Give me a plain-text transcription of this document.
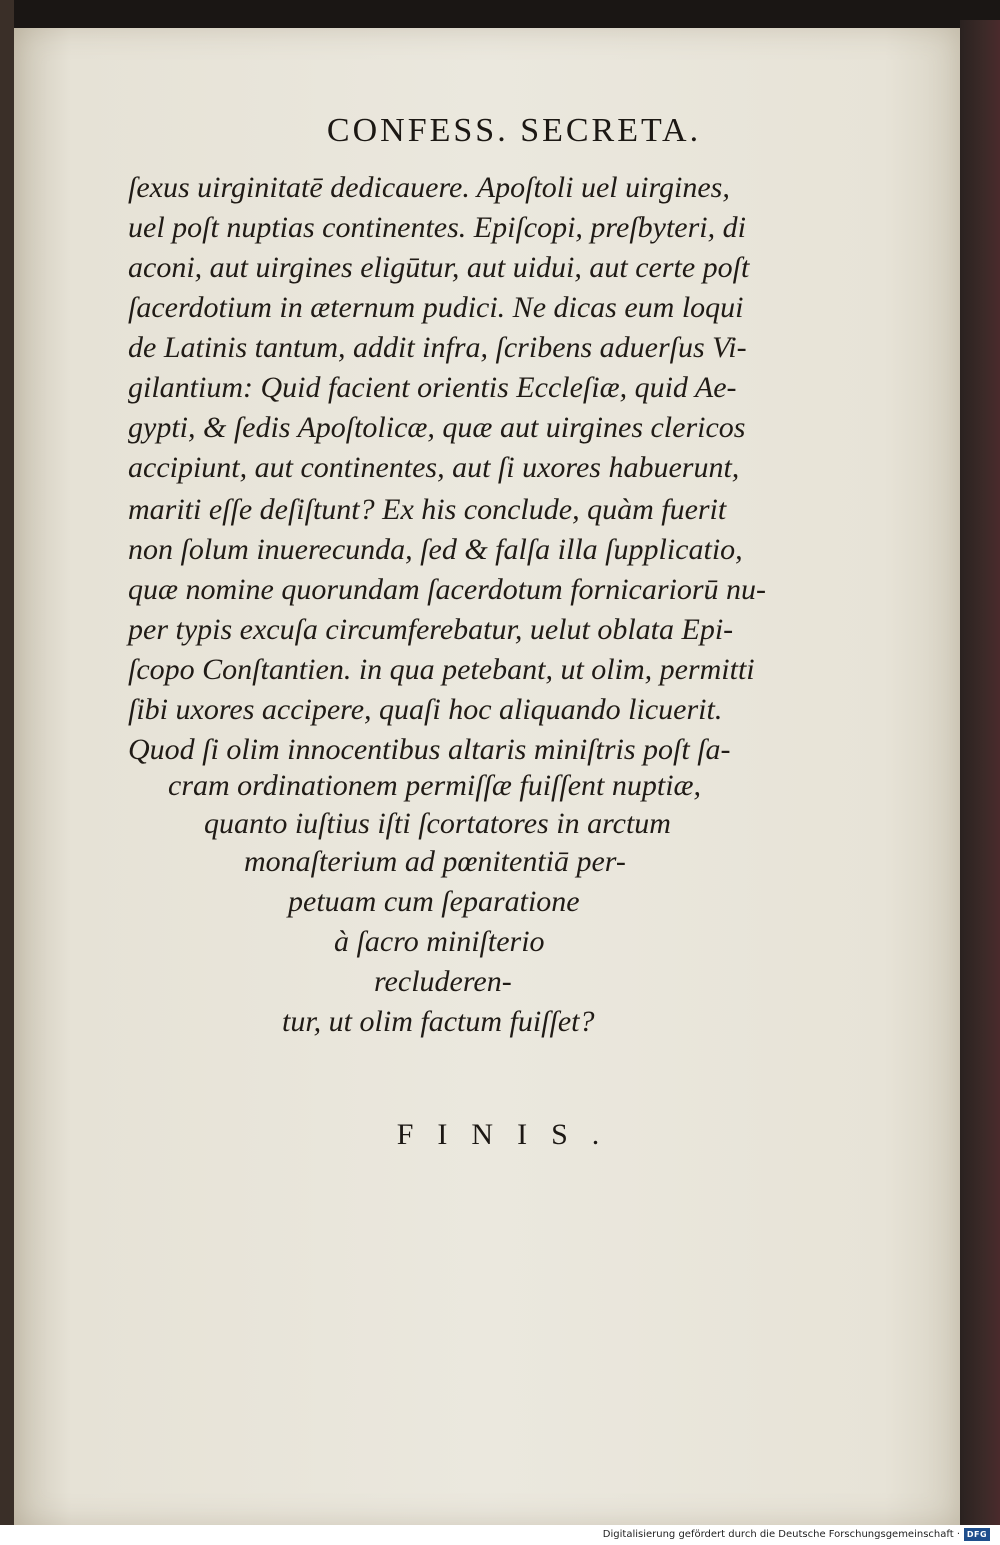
CONFESS. SECRETA.
ſexus uirginitatē dedicauere. Apoſtoli uel uirgines,
uel poſt nuptias continentes. Epiſcopi, preſbyteri, di
aconi, aut uirgines eligūtur, aut uidui, aut certe poſt
ſacerdotium in æternum pudici. Ne dicas eum loqui
de Latinis tantum, addit infra, ſcribens aduerſus Vi-
gilantium: Quid facient orientis Eccleſiæ, quid Ae-
gypti, & ſedis Apoſtolicæ, quæ aut uirgines clericos
accipiunt, aut continentes, aut ſi uxores habuerunt,
mariti eſſe deſiſtunt? Ex his conclude, quàm fuerit
non ſolum inuerecunda, ſed & falſa illa ſupplicatio,
quæ nomine quorundam ſacerdotum fornicariorū nu-
per typis excuſa circumferebatur, uelut oblata Epi-
ſcopo Conſtantien. in qua petebant, ut olim, permitti
ſibi uxores accipere, quaſi hoc aliquando licuerit.
Quod ſi olim innocentibus altaris miniſtris poſt ſa-
cram ordinationem permiſſæ fuiſſent nuptiæ,
quanto iuſtius iſti ſcortatores in arctum
monaſterium ad pœnitentiā per-
petuam cum ſeparatione
à ſacro miniſterio
recluderen-
tur, ut olim factum fuiſſet?
FINIS.
Digitalisierung gefördert durch die Deutsche Forschungsgemeinschaft · DFG
